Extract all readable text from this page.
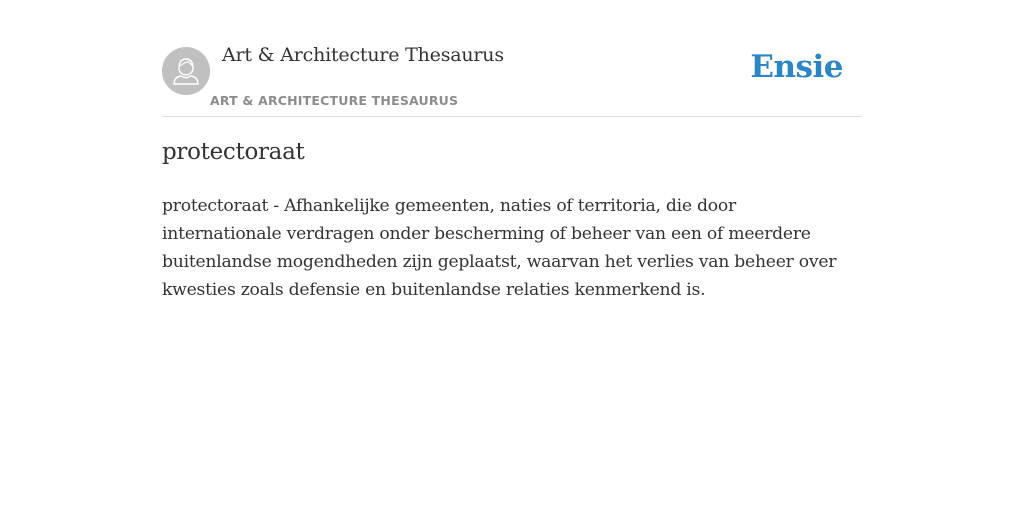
Art & Architecture Thesaurus
ART & ARCHITECTURE THESAURUS
Ensie
protectoraat

protectoraat - Afhankelijke gemeenten, naties of territoria, die door internationale verdragen onder bescherming of beheer van een of meerdere buitenlandse mogendheden zijn geplaatst, waarvan het verlies van beheer over kwesties zoals defensie en buitenlandse relaties kenmerkend is.
